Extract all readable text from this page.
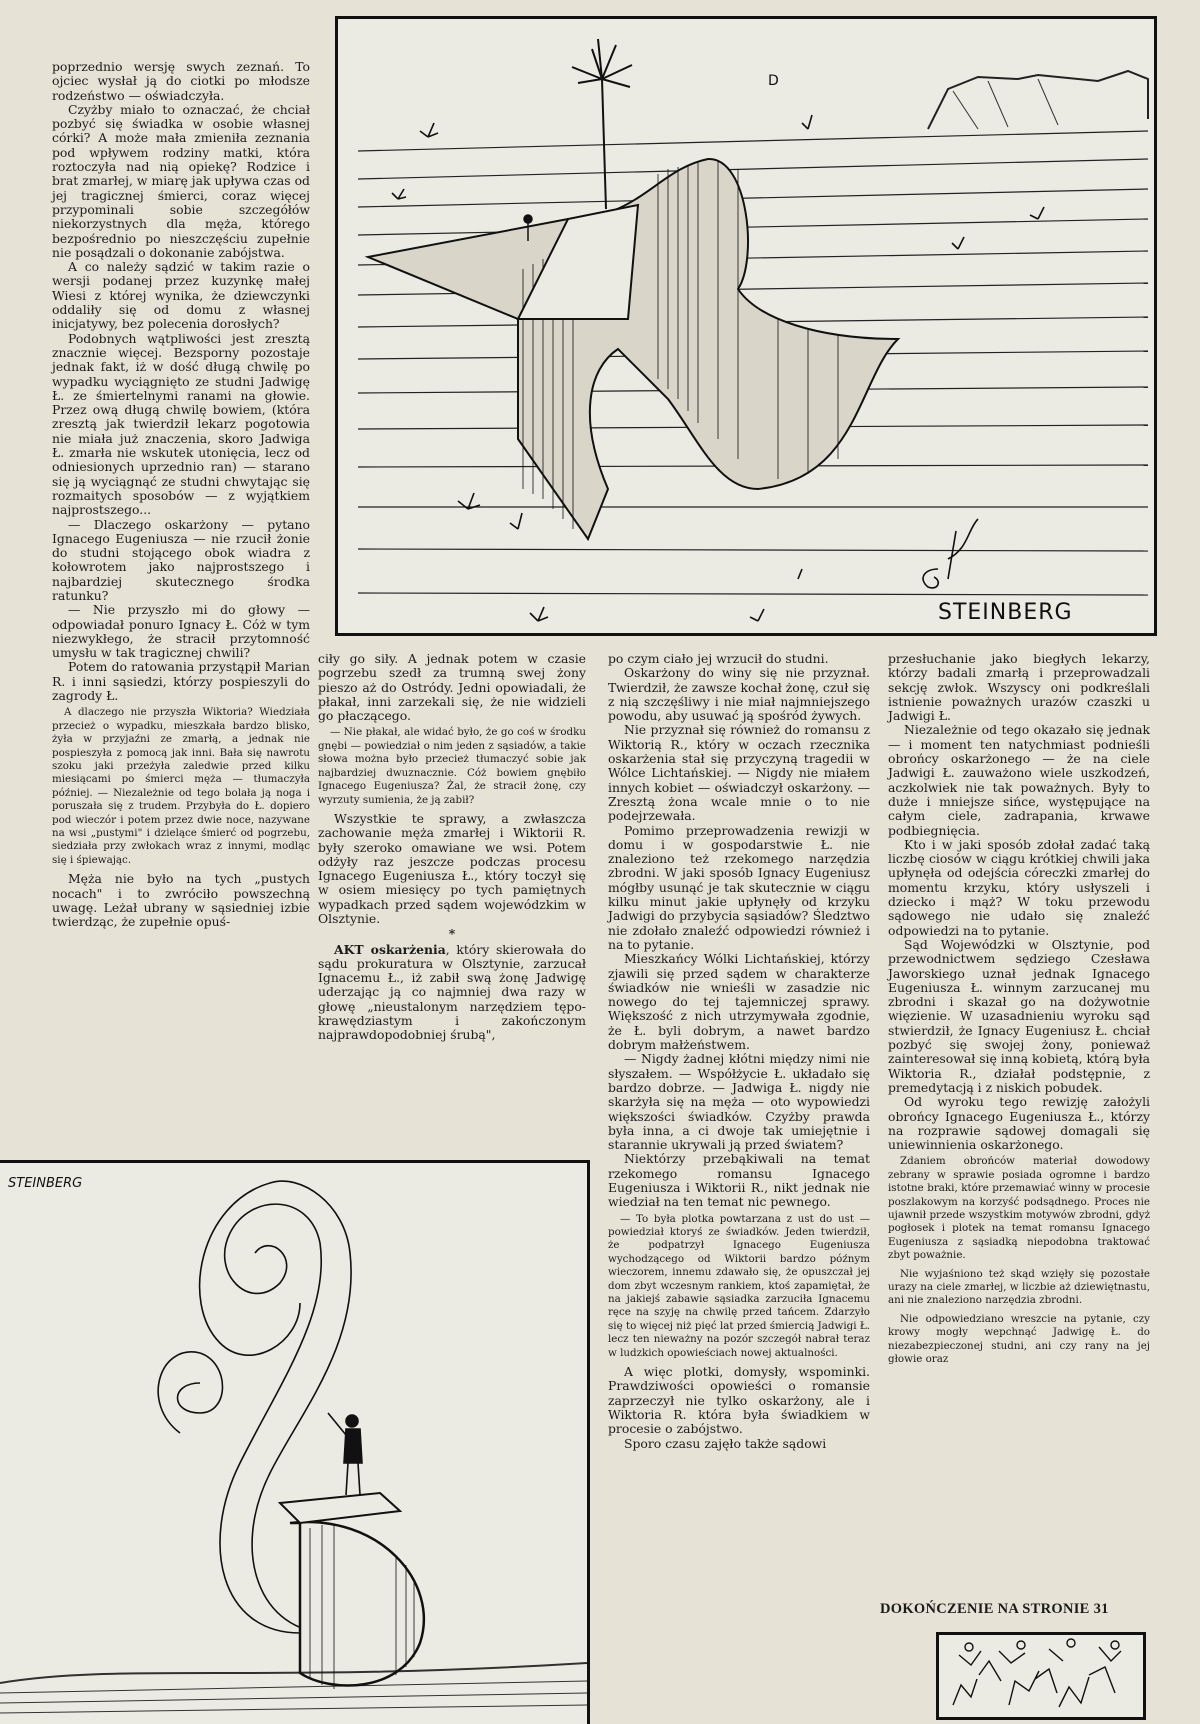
D
STEINBERG

poprzednio wersję swych zeznań. To ojciec wysłał ją do ciotki po młodsze rodzeństwo — oświadczyła.

Czyżby miało to oznaczać, że chciał pozbyć się świadka w osobie własnej córki? A może mała zmieniła zeznania pod wpływem rodziny matki, która roztoczyła nad nią opiekę? Rodzice i brat zmarłej, w miarę jak upływa czas od jej tragicznej śmierci, coraz więcej przypominali sobie szczegółów niekorzystnych dla męża, którego bezpośrednio po nieszczęściu zupełnie nie posądzali o dokonanie zabójstwa.

A co należy sądzić w takim razie o wersji podanej przez kuzynkę małej Wiesi z której wynika, że dziewczynki oddaliły się od domu z własnej inicjatywy, bez polecenia dorosłych?

Podobnych wątpliwości jest zresztą znacznie więcej. Bezsporny pozostaje jednak fakt, iż w dość długą chwilę po wypadku wyciągnięto ze studni Jadwigę Ł. ze śmiertelnymi ranami na głowie. Przez ową długą chwilę bowiem, (która zresztą jak twierdził lekarz pogotowia nie miała już znaczenia, skoro Jadwiga Ł. zmarła nie wskutek utonięcia, lecz od odniesionych uprzednio ran) — starano się ją wyciągnąć ze studni chwytając się rozmaitych sposobów — z wyjątkiem najprostszego...

— Dlaczego oskarżony — pytano Ignacego Eugeniusza — nie rzucił żonie do studni stojącego obok wiadra z kołowrotem jako najprostszego i najbardziej skutecznego środka ratunku?

— Nie przyszło mi do głowy — odpowiadał ponuro Ignacy Ł. Cóż w tym niezwykłego, że stracił przytomność umysłu w tak tragicznej chwili?

Potem do ratowania przystąpił Marian R. i inni sąsiedzi, którzy pospieszyli do zagrody Ł.

A dlaczego nie przyszła Wiktoria? Wiedziała przecież o wypadku, mieszkała bardzo blisko, żyła w przyjaźni ze zmarłą, a jednak nie pospieszyła z pomocą jak inni. Bała się nawrotu szoku jaki przeżyła zaledwie przed kilku miesiącami po śmierci męża — tłumaczyła później. — Niezależnie od tego bolała ją noga i poruszała się z trudem. Przybyła do Ł. dopiero pod wieczór i potem przez dwie noce, nazywane na wsi „pustymi" i dzielące śmierć od pogrzebu, siedziała przy zwłokach wraz z innymi, modląc się i śpiewając.

Męża nie było na tych „pustych nocach" i to zwróciło powszechną uwagę. Leżał ubrany w sąsiedniej izbie twierdząc, że zupełnie opuś-

ciły go siły. A jednak potem w czasie pogrzebu szedł za trumną swej żony pieszo aż do Ostródy. Jedni opowiadali, że płakał, inni zarzekali się, że nie widzieli go płaczącego.

— Nie płakał, ale widać było, że go coś w środku gnębi — powiedział o nim jeden z sąsiadów, a takie słowa można było przecież tłumaczyć sobie jak najbardziej dwuznacznie. Cóż bowiem gnębiło Ignacego Eugeniusza? Żal, że stracił żonę, czy wyrzuty sumienia, że ją zabił?

Wszystkie te sprawy, a zwłaszcza zachowanie męża zmarłej i Wiktorii R. były szeroko omawiane we wsi. Potem odżyły raz jeszcze podczas procesu Ignacego Eugeniusza Ł., który toczył się w osiem miesięcy po tych pamiętnych wypadkach przed sądem wojewódzkim w Olsztynie.

*

AKT oskarżenia, który skierowała do sądu prokuratura w Olsztynie, zarzucał Ignacemu Ł., iż zabił swą żonę Jadwigę uderzając ją co najmniej dwa razy w głowę „nieustalonym narzędziem tępo-krawędziastym i zakończonym najprawdopodobniej śrubą",

po czym ciało jej wrzucił do studni.

Oskarżony do winy się nie przyznał. Twierdził, że zawsze kochał żonę, czuł się z nią szczęśliwy i nie miał najmniejszego powodu, aby usuwać ją spośród żywych.

Nie przyznał się również do romansu z Wiktorią R., który w oczach rzecznika oskarżenia stał się przyczyną tragedii w Wólce Lichtańskiej. — Nigdy nie miałem innych kobiet — oświadczył oskarżony. — Zresztą żona wcale mnie o to nie podejrzewała.

Pomimo przeprowadzenia rewizji w domu i w gospodarstwie Ł. nie znaleziono też rzekomego narzędzia zbrodni. W jaki sposób Ignacy Eugeniusz mógłby usunąć je tak skutecznie w ciągu kilku minut jakie upłynęły od krzyku Jadwigi do przybycia sąsiadów? Śledztwo nie zdołało znaleźć odpowiedzi również i na to pytanie.

Mieszkańcy Wólki Lichtańskiej, którzy zjawili się przed sądem w charakterze świadków nie wnieśli w zasadzie nic nowego do tej tajemniczej sprawy. Większość z nich utrzymywała zgodnie, że Ł. byli dobrym, a nawet bardzo dobrym małżeństwem.

— Nigdy żadnej kłótni między nimi nie słyszałem. — Współżycie Ł. układało się bardzo dobrze. — Jadwiga Ł. nigdy nie skarżyła się na męża — oto wypowiedzi większości świadków. Czyżby prawda była inna, a ci dwoje tak umiejętnie i starannie ukrywali ją przed światem?

Niektórzy przebąkiwali na temat rzekomego romansu Ignacego Eugeniusza i Wiktorii R., nikt jednak nie wiedział na ten temat nic pewnego.

— To była plotka powtarzana z ust do ust — powiedział ktoryś ze świadków. Jeden twierdził, że podpatrzył Ignacego Eugeniusza wychodzącego od Wiktorii bardzo późnym wieczorem, innemu zdawało się, że opuszczał jej dom zbyt wczesnym rankiem, ktoś zapamiętał, że na jakiejś zabawie sąsiadka zarzuciła Ignacemu ręce na szyję na chwilę przed tańcem. Zdarzyło się to więcej niż pięć lat przed śmiercią Jadwigi Ł. lecz ten nieważny na pozór szczegół nabrał teraz w ludzkich opowieściach nowej aktualności.

A więc plotki, domysły, wspominki. Prawdziwości opowieści o romansie zaprzeczył nie tylko oskarżony, ale i Wiktoria R. która była świadkiem w procesie o zabójstwo.

Sporo czasu zajęło także sądowi

przesłuchanie jako biegłych lekarzy, którzy badali zmarłą i przeprowadzali sekcję zwłok. Wszyscy oni podkreślali istnienie poważnych urazów czaszki u Jadwigi Ł.

Niezależnie od tego okazało się jednak — i moment ten natychmiast podnieśli obrońcy oskarżonego — że na ciele Jadwigi Ł. zauważono wiele uszkodzeń, aczkolwiek nie tak poważnych. Były to duże i mniejsze sińce, występujące na całym ciele, zadrapania, krwawe podbiegnięcia.

Kto i w jaki sposób zdołał zadać taką liczbę ciosów w ciągu krótkiej chwili jaka upłynęła od odejścia córeczki zmarłej do momentu krzyku, który usłyszeli i dziecko i mąż? W toku przewodu sądowego nie udało się znaleźć odpowiedzi na to pytanie.

Sąd Wojewódzki w Olsztynie, pod przewodnictwem sędziego Czesława Jaworskiego uznał jednak Ignacego Eugeniusza Ł. winnym zarzucanej mu zbrodni i skazał go na dożywotnie więzienie. W uzasadnieniu wyroku sąd stwierdził, że Ignacy Eugeniusz Ł. chciał pozbyć się swojej żony, ponieważ zainteresował się inną kobietą, którą była Wiktoria R., działał podstępnie, z premedytacją i z niskich pobudek.

Od wyroku tego rewizję założyli obrońcy Ignacego Eugeniusza Ł., którzy na rozprawie sądowej domagali się uniewinnienia oskarżonego.

Zdaniem obrońców materiał dowodowy zebrany w sprawie posiada ogromne i bardzo istotne braki, które przemawiać winny w procesie poszlakowym na korzyść podsądnego. Proces nie ujawnił przede wszystkim motywów zbrodni, gdyż pogłosek i plotek na temat romansu Ignacego Eugeniusza z sąsiadką niepodobna traktować zbyt poważnie.

Nie wyjaśniono też skąd wzięły się pozostałe urazy na ciele zmarłej, w liczbie aż dziewiętnastu, ani nie znaleziono narzędzia zbrodni.

Nie odpowiedziano wreszcie na pytanie, czy krowy mogły wepchnąć Jadwigę Ł. do niezabezpieczonej studni, ani czy rany na jej głowie oraz

DOKOŃCZENIE NA STRONIE 31
STEINBERG
